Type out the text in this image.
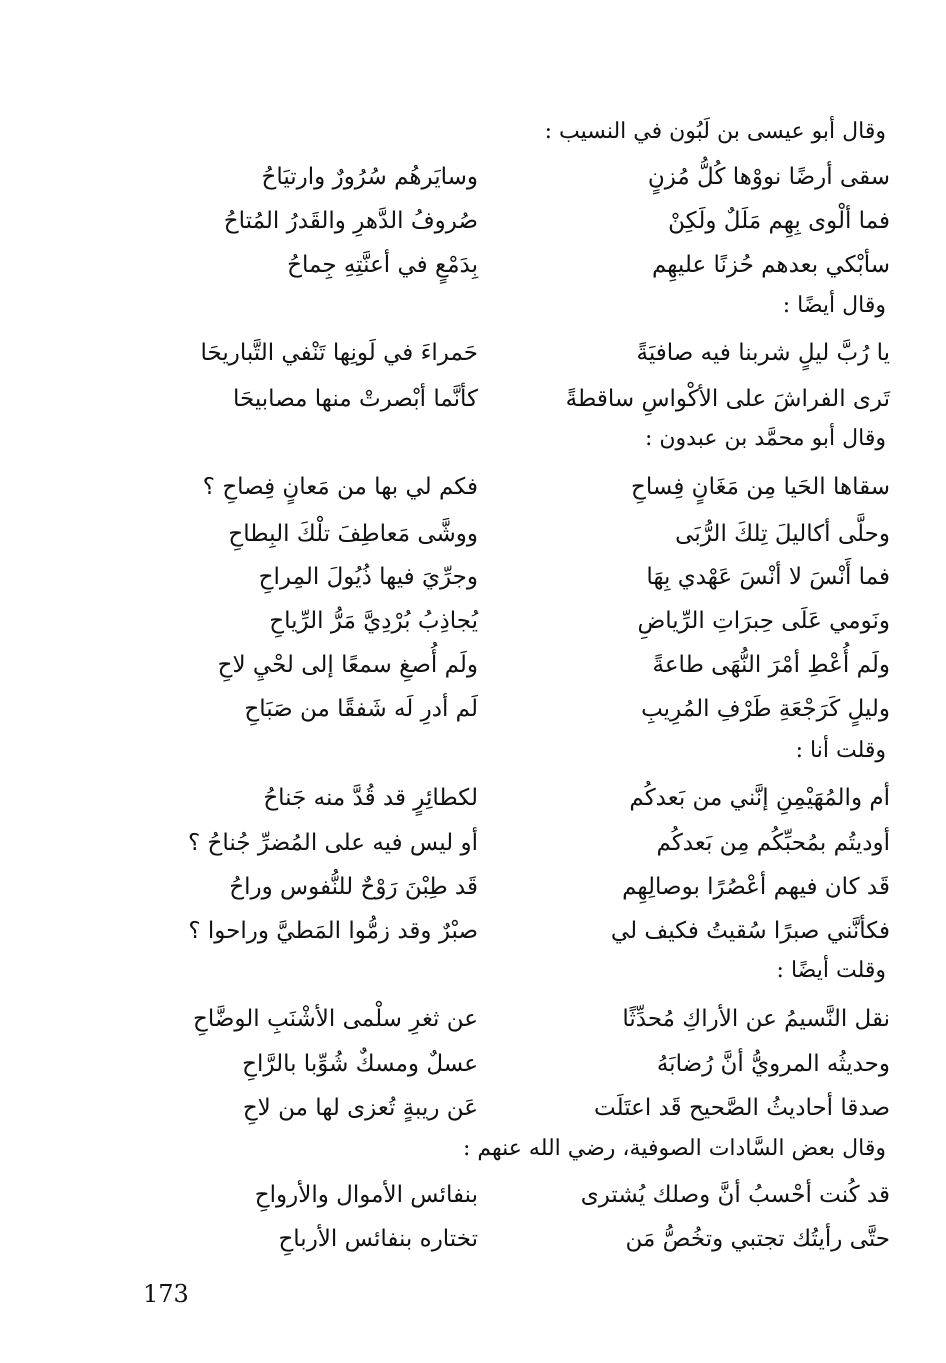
وقال أبو عيسى بن لَبُون في النسيب :
سقى أرضًا نووْها كُلُّ مُزنٍ
وسايَرهُم سُرُورٌ وارتيَاحُ
فما ألْوى بِهِم مَلَلٌ ولَكِنْ
صُروفُ الدَّهرِ والقَدرُ المُتاحُ
سأبْكي بعدهم حُزنًا عليهِم
بِدَمْعٍ في أعنَّتِهِ جِماحُ
وقال أيضًا :
يا رُبَّ ليلٍ شربنا فيه صافيَةً
حَمراءَ في لَونِها تَنْفي التَّباريحَا
تَرى الفراشَ على الأكْواسِ ساقطةً
كأنَّما أبْصرتْ منها مصابيحَا
وقال أبو محمَّد بن عبدون :
سقاها الحَيا مِن مَغَانٍ فِساحِ
فكم لي بها من مَعانٍ فِصاحِ ؟
وحلَّى أكاليلَ تِلكَ الرُّبَى
ووشَّى مَعاطِفَ تلْكَ البِطاحِ
فما أَنْسَ لا أنْسَ عَهْدي بِهَا
وجرِّيَ فيها ذُيُولَ المِراحِ
ونَومي عَلَى حِبرَاتِ الرِّياضِ
يُجاذِبُ بُرْدِيَّ مَرُّ الرِّياحِ
ولَم أُعْطِ أمْرَ النُّهَى طاعةً
ولَم أُصغِ سمعًا إلى لحْيِ لاحِ
وليلٍ كَرَجْعَةِ طَرْفِ المُرِيبِ
لَم أدرِ لَه شَفقًا من صَبَاحِ
وقلت أنا :
أم والمُهَيْمِنِ إنَّني من بَعدكُم
لكطائِرٍ قد قُدَّ منه جَناحُ
أوديتُم بمُحبِّكُم مِن بَعدكُم
أو ليس فيه على المُضرِّ جُناحُ ؟
قَد كان فيهم أعْصُرًا بوصالِهِم
قَد طِبْنَ رَوْحٌ للنُّفوس وراحُ
فكأنَّني صبرًا سُقيتُ فكيف لي
صبْرٌ وقد زمُّوا المَطيَّ وراحوا ؟
وقلت أيضًا :
نقل النَّسيمُ عن الأراكِ مُحدِّثًا
عن ثغرِ سلْمى الأشْنَبِ الوضَّاحِ
وحديثُه المرويُّ أنَّ رُضابَهُ
عسلٌ ومسكٌ شُوِّبا بالرَّاحِ
صدقا أحاديثُ الصَّحيح قَد اعتَلَت
عَن ريبةٍ تُعزى لها من لاحِ
وقال بعض السَّادات الصوفية، رضي الله عنهم :
قد كُنت أحْسبُ أنَّ وصلك يُشترى
بنفائس الأموال والأرواحِ
حتَّى رأيتُك تجتبي وتخُصُّ مَن
تختاره بنفائس الأرباحِ
173
